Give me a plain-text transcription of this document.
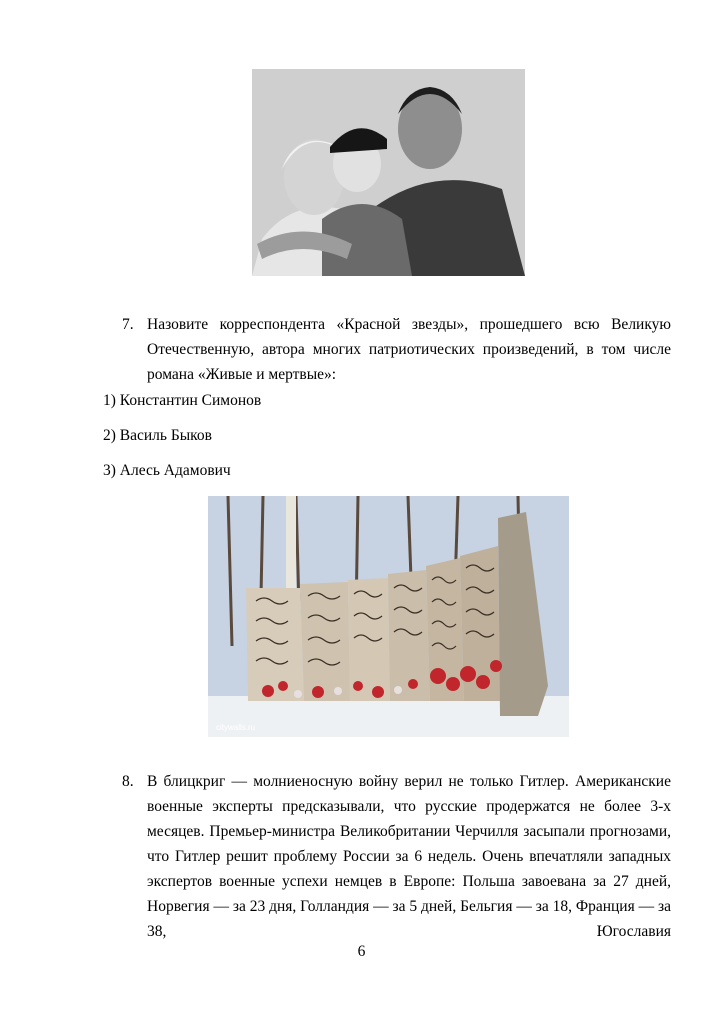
7. Назовите корреспондента «Красной звезды», прошедшего всю Великую Отечественную, автора многих патриотических произведений, в том числе романа «Живые и мертвые»:

1) Константин Симонов
2) Василь Быков
3) Алесь Адамович
citywalls.ru
8. В блицкриг — молниеносную войну верил не только Гитлер. Американские военные эксперты предсказывали, что русские продержатся не более 3-х месяцев. Премьер-министра Великобритании Черчилля засыпали прогнозами, что Гитлер решит проблему России за 6 недель. Очень впечатляли западных экспертов военные успехи немцев в Европе: Польша завоевана за 27 дней, Норвегия — за 23 дня, Голландия — за 5 дней, Бельгия — за 18, Франция — за 38, Югославия

6
